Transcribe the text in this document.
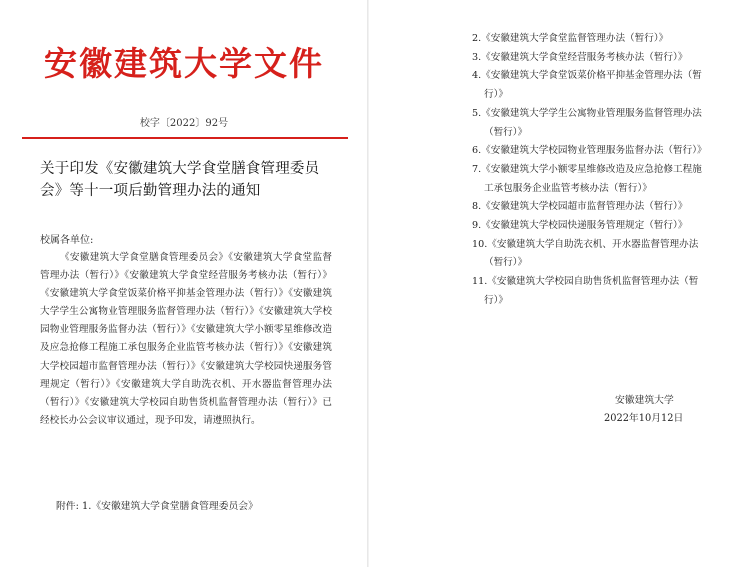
安徽建筑大学文件
校字〔2022〕92号
关于印发《安徽建筑大学食堂膳食管理委员会》等十一项后勤管理办法的通知
校属各单位:
《安徽建筑大学食堂膳食管理委员会》《安徽建筑大学食堂监督管理办法（暂行）》《安徽建筑大学食堂经营服务考核办法（暂行）》《安徽建筑大学食堂饭菜价格平抑基金管理办法（暂行）》《安徽建筑大学学生公寓物业管理服务监督管理办法（暂行）》《安徽建筑大学校园物业管理服务监督办法（暂行）》《安徽建筑大学小额零星维修改造及应急抢修工程施工承包服务企业监管考核办法（暂行）》《安徽建筑大学校园超市监督管理办法（暂行）》《安徽建筑大学校园快递服务管理规定（暂行）》《安徽建筑大学自助洗衣机、开水器监督管理办法（暂行）》《安徽建筑大学校园自助售货机监督管理办法（暂行）》已经校长办公会议审议通过，现予印发，请遵照执行。
附件: 1.《安徽建筑大学食堂膳食管理委员会》
2.《安徽建筑大学食堂监督管理办法（暂行）》
3.《安徽建筑大学食堂经营服务考核办法（暂行）》
4.《安徽建筑大学食堂饭菜价格平抑基金管理办法（暂行）》
5.《安徽建筑大学学生公寓物业管理服务监督管理办法（暂行）》
6.《安徽建筑大学校园物业管理服务监督办法（暂行）》
7.《安徽建筑大学小额零星维修改造及应急抢修工程施工承包服务企业监管考核办法（暂行）》
8.《安徽建筑大学校园超市监督管理办法（暂行）》
9.《安徽建筑大学校园快递服务管理规定（暂行）》
10.《安徽建筑大学自助洗衣机、开水器监督管理办法（暂行）》
11.《安徽建筑大学校园自助售货机监督管理办法（暂行）》
安徽建筑大学
2022年10月12日
